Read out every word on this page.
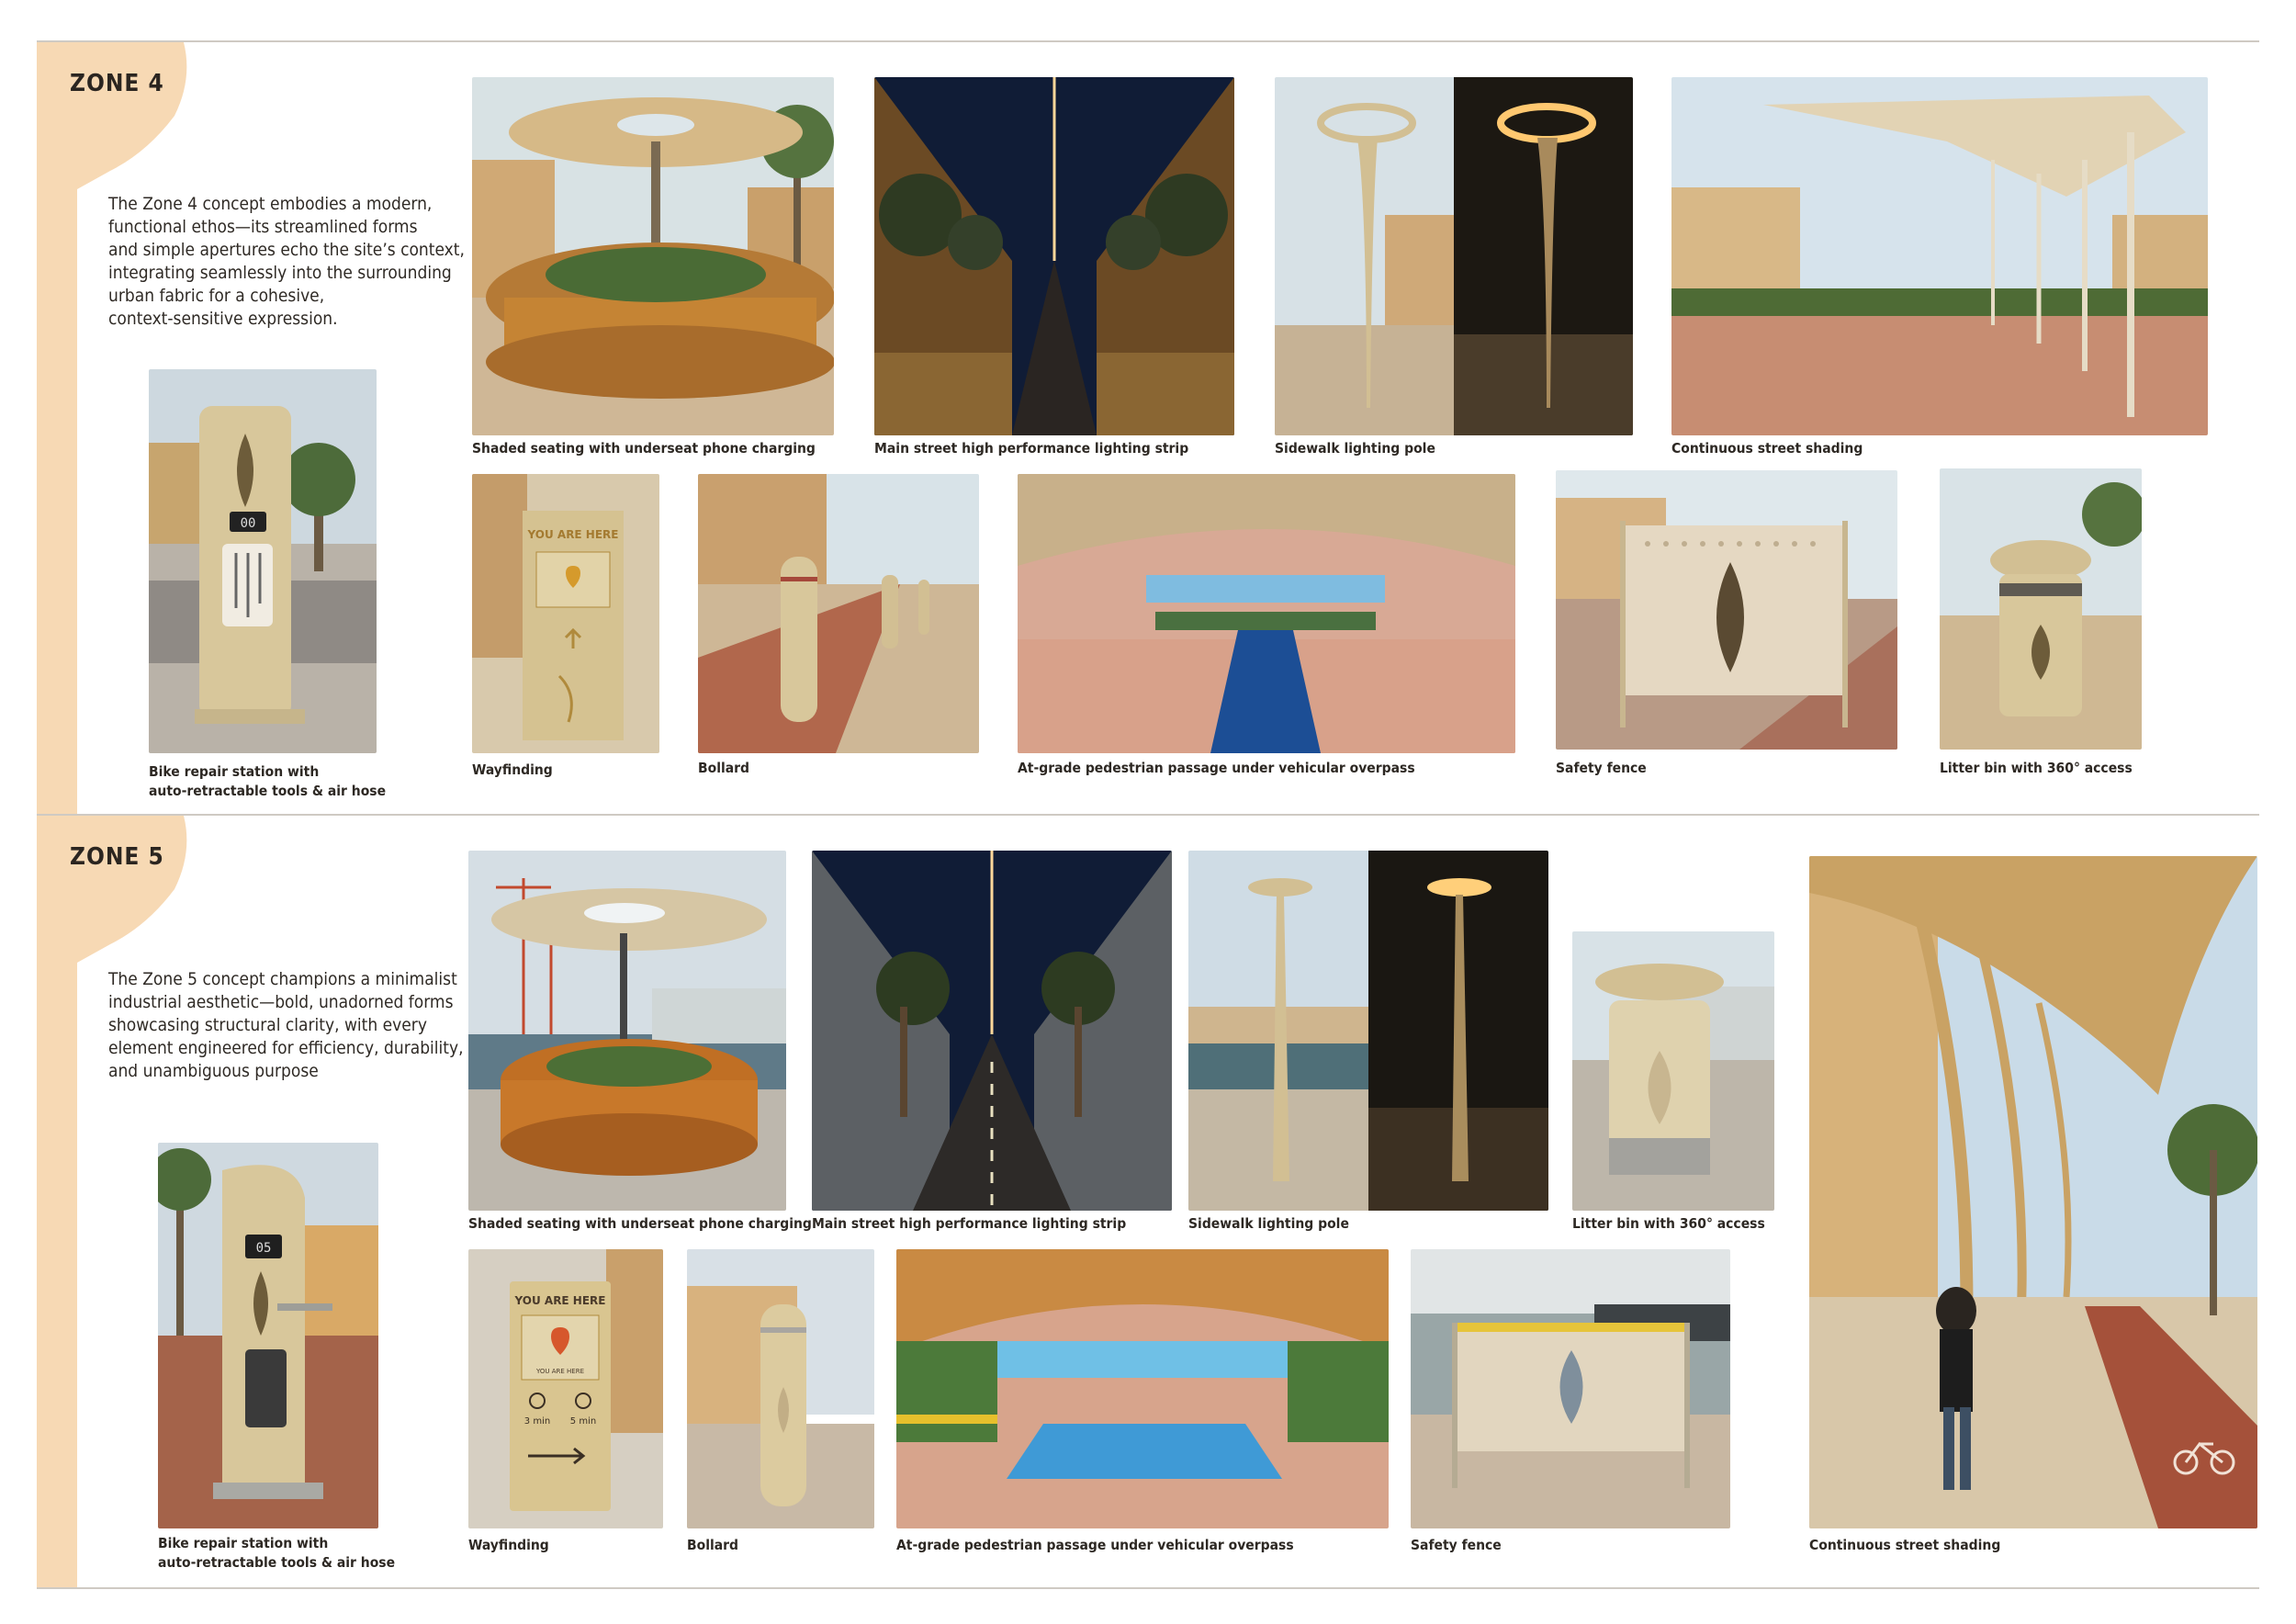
ZONE 4
The Zone 4 concept embodies a modern,
functional ethos—its streamlined forms
and simple apertures echo the site’s context,
integrating seamlessly into the surrounding
urban fabric for a cohesive,
context-sensitive expression.
00
Bike repair station with
auto-retractable tools & air hose
Shaded seating with underseat phone charging	Main street high performance lighting strip	Sidewalk lighting pole	Continuous street shading
YOU ARE HERE
Wayfinding	Bollard	At-grade pedestrian passage under vehicular overpass	Safety fence	Litter bin with 360° access
ZONE 5
The Zone 5 concept champions a minimalist
industrial aesthetic—bold, unadorned forms
showcasing structural clarity, with every
element engineered for efficiency, durability,
and unambiguous purpose
05
Bike repair station with
auto-retractable tools & air hose
Shaded seating with underseat phone charging Main street high performance lighting strip	Sidewalk lighting pole	Litter bin with 360° access
YOU ARE HERE
YOU ARE HERE
3 min 5 min
Wayfinding	Bollard	At-grade pedestrian passage under vehicular overpass	Safety fence	Continuous street shading
